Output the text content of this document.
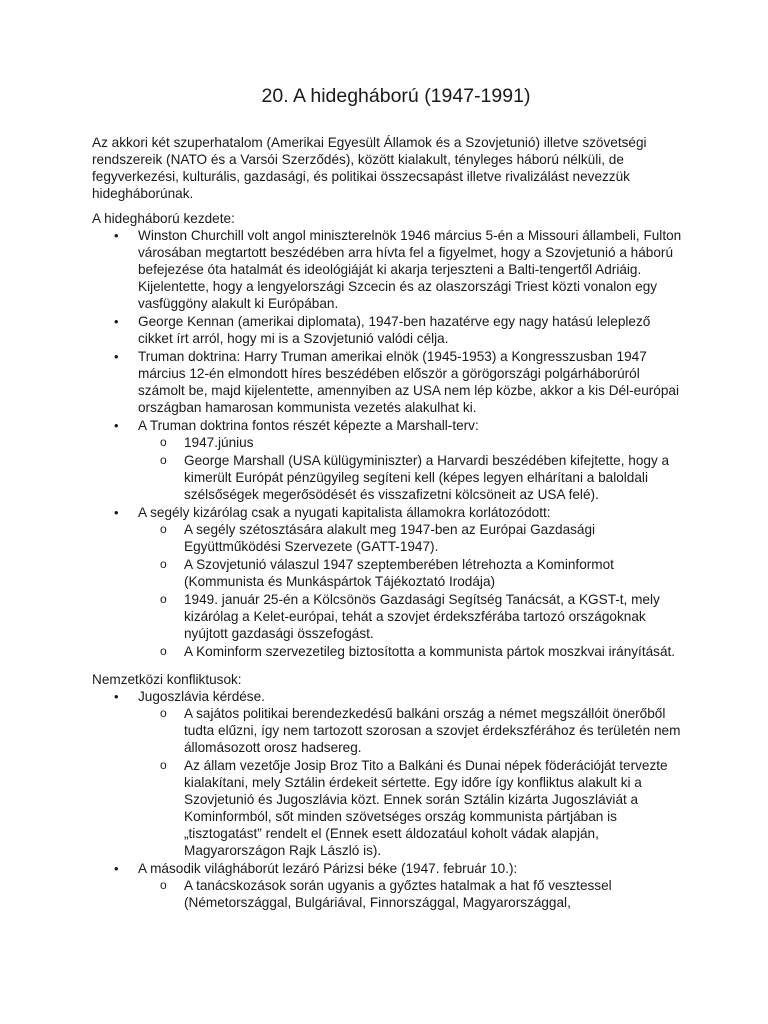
20. A hidegháború (1947-1991)

Az akkori két szuperhatalom (Amerikai Egyesült Államok és a Szovjetunió) illetve szövetségi rendszereik (NATO és a Varsói Szerződés), között kialakult, tényleges háború nélküli, de fegyverkezési, kulturális, gazdasági, és politikai összecsapást illetve rivalizálást nevezzük hidegháborúnak.

A hidegháború kezdete:

• Winston Churchill volt angol miniszterelnök 1946 március 5-én a Missouri állambeli, Fulton városában megtartott beszédében arra hívta fel a figyelmet, hogy a Szovjetunió a háború befejezése óta hatalmát és ideológiáját ki akarja terjeszteni a Balti-tengertől Adriáig. Kijelentette, hogy a lengyelországi Szcecin és az olaszországi Triest közti vonalon egy vasfüggöny alakult ki Európában.
• George Kennan (amerikai diplomata), 1947-ben hazatérve egy nagy hatású leleplező cikket írt arról, hogy mi is a Szovjetunió valódi célja.
• Truman doktrina: Harry Truman amerikai elnök (1945-1953) a Kongresszusban 1947 március 12-én elmondott híres beszédében először a görögországi polgárháborúról számolt be, majd kijelentette, amennyiben az USA nem lép közbe, akkor a kis Dél-európai országban hamarosan kommunista vezetés alakulhat ki.
• A Truman doktrina fontos részét képezte a Marshall-terv:
o 1947.június
o George Marshall (USA külügyminiszter) a Harvardi beszédében kifejtette, hogy a kimerült Európát pénzügyileg segíteni kell (képes legyen elhárítani a baloldali szélsőségek megerősödését és visszafizetni kölcsöneit az USA felé).
• A segély kizárólag csak a nyugati kapitalista államokra korlátozódott:
o A segély szétosztására alakult meg 1947-ben az Európai Gazdasági Együttműködési Szervezete (GATT-1947).
o A Szovjetunió válaszul 1947 szeptemberében létrehozta a Kominformot (Kommunista és Munkáspártok Tájékoztató Irodája)
o 1949. január 25-én a Kölcsönös Gazdasági Segítség Tanácsát, a KGST-t, mely kizárólag a Kelet-európai, tehát a szovjet érdekszférába tartozó országoknak nyújtott gazdasági összefogást.
o A Kominform szervezetileg biztosította a kommunista pártok moszkvai irányítását.

Nemzetközi konfliktusok:

• Jugoszlávia kérdése.
o A sajátos politikai berendezkedésű balkáni ország a német megszállóit önerőből tudta elűzni, így nem tartozott szorosan a szovjet érdekszférához és területén nem állomásozott orosz hadsereg.
o Az állam vezetője Josip Broz Tito a Balkáni és Dunai népek föderációját tervezte kialakítani, mely Sztálin érdekeit sértette. Egy időre így konfliktus alakult ki a Szovjetunió és Jugoszlávia közt. Ennek során Sztálin kizárta Jugoszláviát a Kominformból, sőt minden szövetséges ország kommunista pártjában is „tisztogatást” rendelt el (Ennek esett áldozatául koholt vádak alapján, Magyarországon Rajk László is).
• A második világháborút lezáró Párizsi béke (1947. február 10.):
o A tanácskozások során ugyanis a győztes hatalmak a hat fő vesztessel (Németországgal, Bulgáriával, Finnországgal, Magyarországgal,
